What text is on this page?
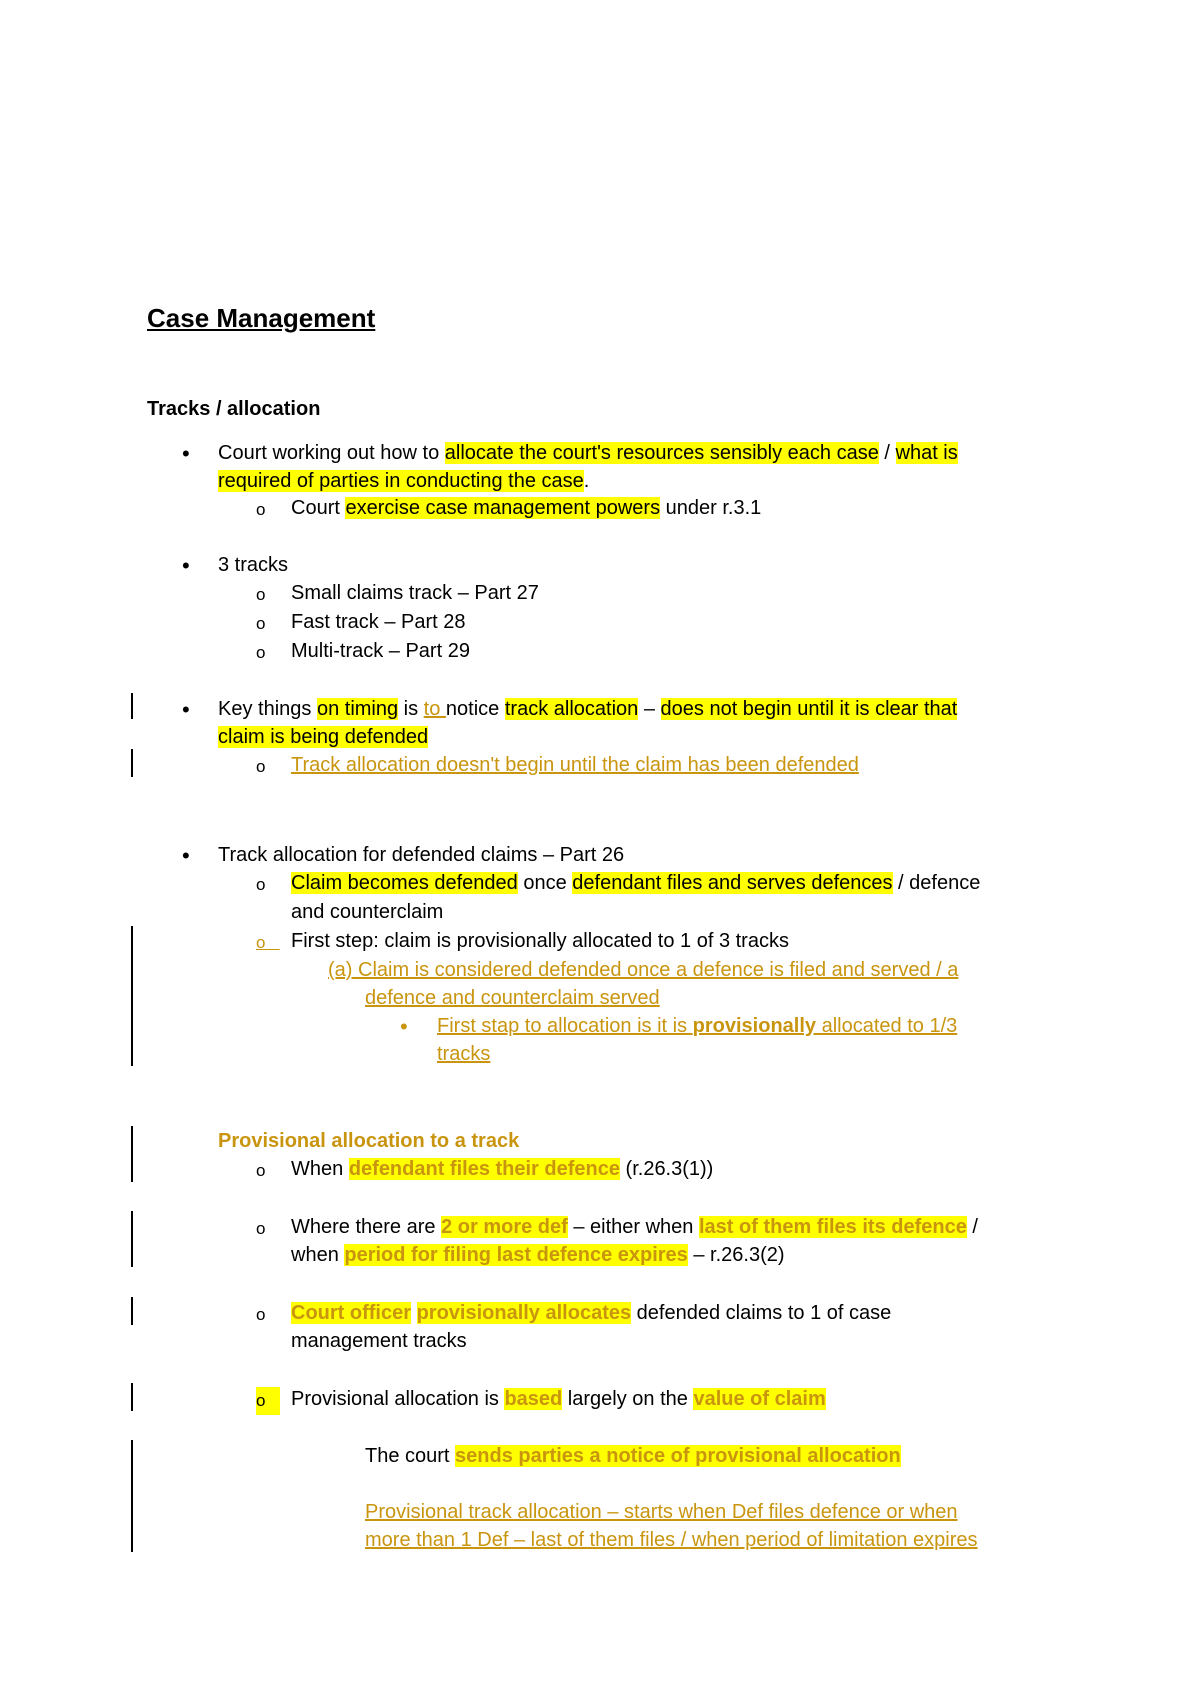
Case Management
Tracks / allocation
• Court working out how to allocate the court's resources sensibly each case / what is
required of parties in conducting the case.
o Court exercise case management powers under r.3.1
• 3 tracks
o Small claims track – Part 27
o Fast track – Part 28
o Multi-track – Part 29
• Key things on timing is to notice track allocation – does not begin until it is clear that
claim is being defended
o Track allocation doesn't begin until the claim has been defended
• Track allocation for defended claims – Part 26
o Claim becomes defended once defendant files and serves defences / defence
and counterclaim
o	First step: claim is provisionally allocated to 1 of 3 tracks
(a) Claim is considered defended once a defence is filed and served / a
defence and counterclaim served
• First stap to allocation is it is provisionally allocated to 1/3
tracks
Provisional allocation to a track
o When defendant files their defence (r.26.3(1))
o Where there are 2 or more def – either when last of them files its defence /
when period for filing last defence expires – r.26.3(2)
o Court officer provisionally allocates defended claims to 1 of case
management tracks
o	Provisional allocation is based largely on the value of claim
The court sends parties a notice of provisional allocation
Provisional track allocation – starts when Def files defence or when
more than 1 Def – last of them files / when period of limitation expires
